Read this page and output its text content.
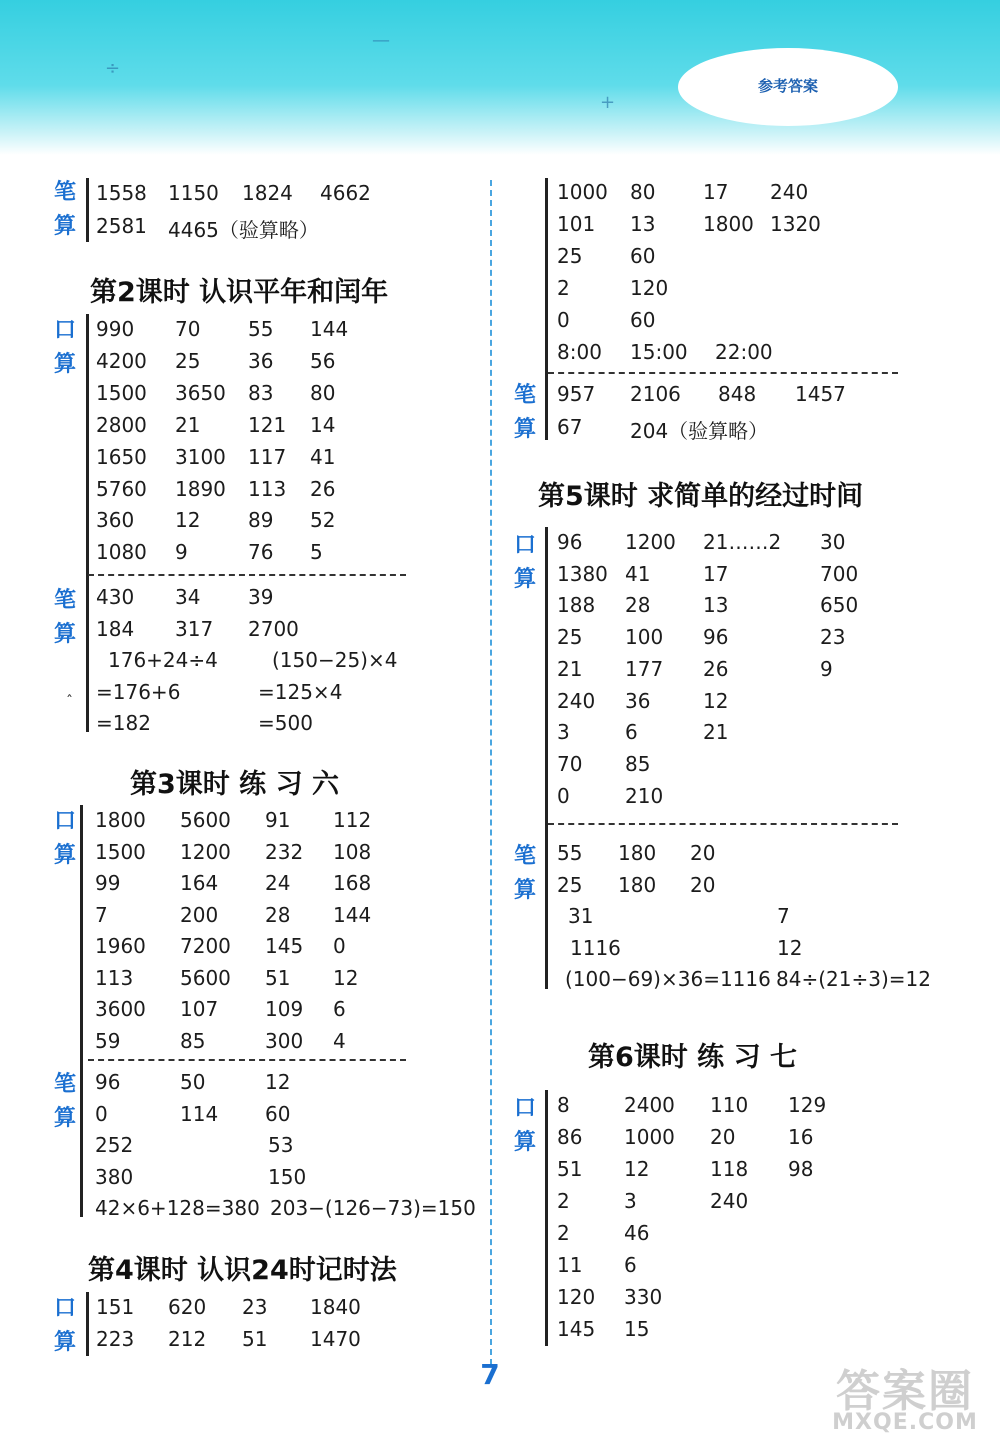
÷
—
+
参考答案
第2课时 认识平年和闰年
第3课时 练 习 六
第4课时 认识24时记时法
第5课时 求简单的经过时间
第6课时 练 习 七
笔
算
口
算
笔
算
口
算
笔
算
口
算
笔
算
口
算
笔
算
口
算
ˆ
7	答案圈
MXQE.COM
1558 1150 1824 4662
2581 4465（验算略）
990 70 55 144
4200 25 36 56
1500 3650 83 80
2800 21 121 14
1650 3100 117 41
5760 1890 113 26
360 12 89 52
1080 9	76 5
430 34 39
184 317 2700
176+24÷4	(150−25)×4
=176+6	=125×4
=182	=500
1800 5600 91 112
1500 1200 232 108
99	164 24 168
7	200 28 144
1960 7200 145 0
113 5600 51 12
3600 107 109 6
59	85	300 4
96	50	12
0	114 60
252	53
380	150
42×6+128=380 203−(126−73)=150
151 620 23 1840
223 212 51 1470
1000 80 17 240
101 13 1800 1320
25 60
2	120
0	60
8:00 15:00 22:00
957 2106 848 1457
67 204（验算略）
96 1200 21……2 30
1380 41	17	700
188 28	13	650
25 100 96	23
21 177 26	9
240 36	12
3	6	21
70 85
0	210
55 180 20
25 180 20
31	7
1116	12
(100−69)×36=1116 84÷(21÷3)=12
8	2400 110 129
86 1000 20	16
51 12	118 98
2	3	240
2	46
11 6
120 330
145 15
